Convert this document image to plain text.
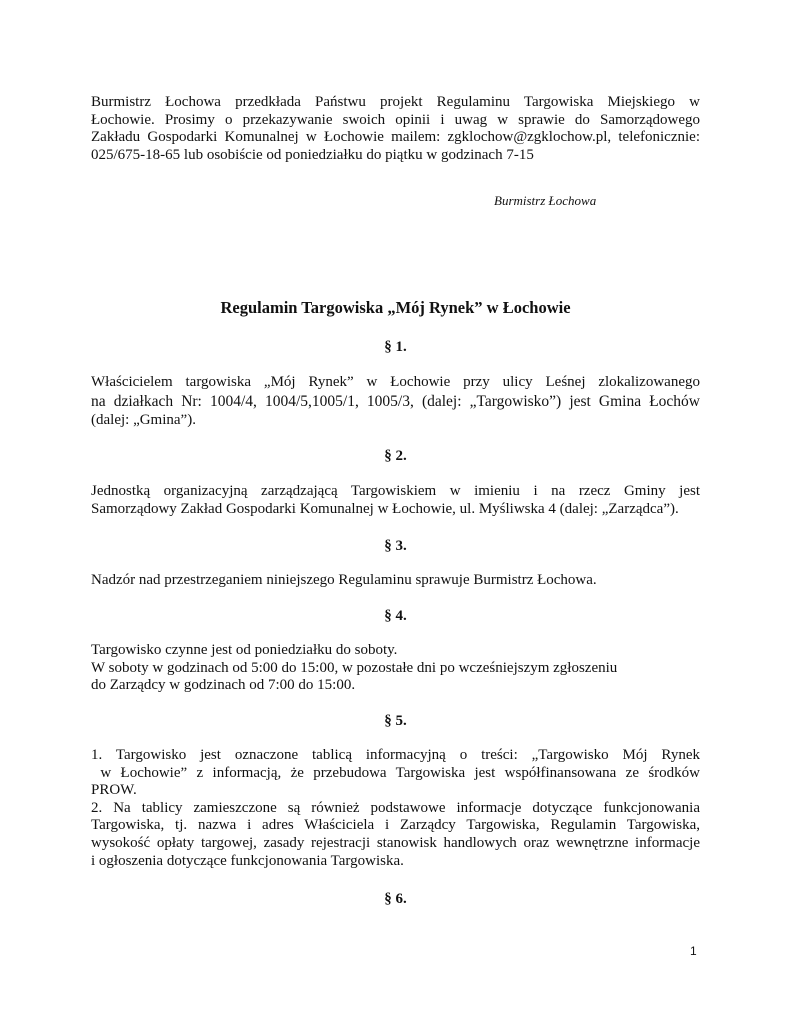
Burmistrz Łochowa przedkłada Państwu projekt Regulaminu Targowiska Miejskiego w
Łochowie. Prosimy o przekazywanie swoich opinii i uwag w sprawie do Samorządowego
Zakładu Gospodarki Komunalnej w Łochowie mailem: zgklochow@zgklochow.pl, telefonicznie:
025/675-18-65 lub osobiście od poniedziałku do piątku w godzinach 7-15
Burmistrz Łochowa
Regulamin Targowiska „Mój Rynek” w Łochowie
§ 1.
Właścicielem targowiska „Mój Rynek” w Łochowie przy ulicy Leśnej zlokalizowanego
na działkach Nr: 1004/4, 1004/5,1005/1, 1005/3, (dalej: „Targowisko”) jest Gmina Łochów
(dalej: „Gmina”).
§ 2.
Jednostką organizacyjną zarządzającą Targowiskiem w imieniu i na rzecz Gminy jest
Samorządowy Zakład Gospodarki Komunalnej w Łochowie, ul. Myśliwska 4 (dalej: „Zarządca”).
§ 3.
Nadzór nad przestrzeganiem niniejszego Regulaminu sprawuje Burmistrz Łochowa.
§ 4.
Targowisko czynne jest od poniedziałku do soboty.
W soboty w godzinach od 5:00 do 15:00, w pozostałe dni po wcześniejszym zgłoszeniu
do Zarządcy w godzinach od 7:00 do 15:00.
§ 5.
1. Targowisko jest oznaczone tablicą informacyjną o treści: „Targowisko Mój Rynek
w Łochowie” z informacją, że przebudowa Targowiska jest współfinansowana ze środków
PROW.
2. Na tablicy zamieszczone są również podstawowe informacje dotyczące funkcjonowania
Targowiska, tj. nazwa i adres Właściciela i Zarządcy Targowiska, Regulamin Targowiska,
wysokość opłaty targowej, zasady rejestracji stanowisk handlowych oraz wewnętrzne informacje
i ogłoszenia dotyczące funkcjonowania Targowiska.
§ 6.
1
